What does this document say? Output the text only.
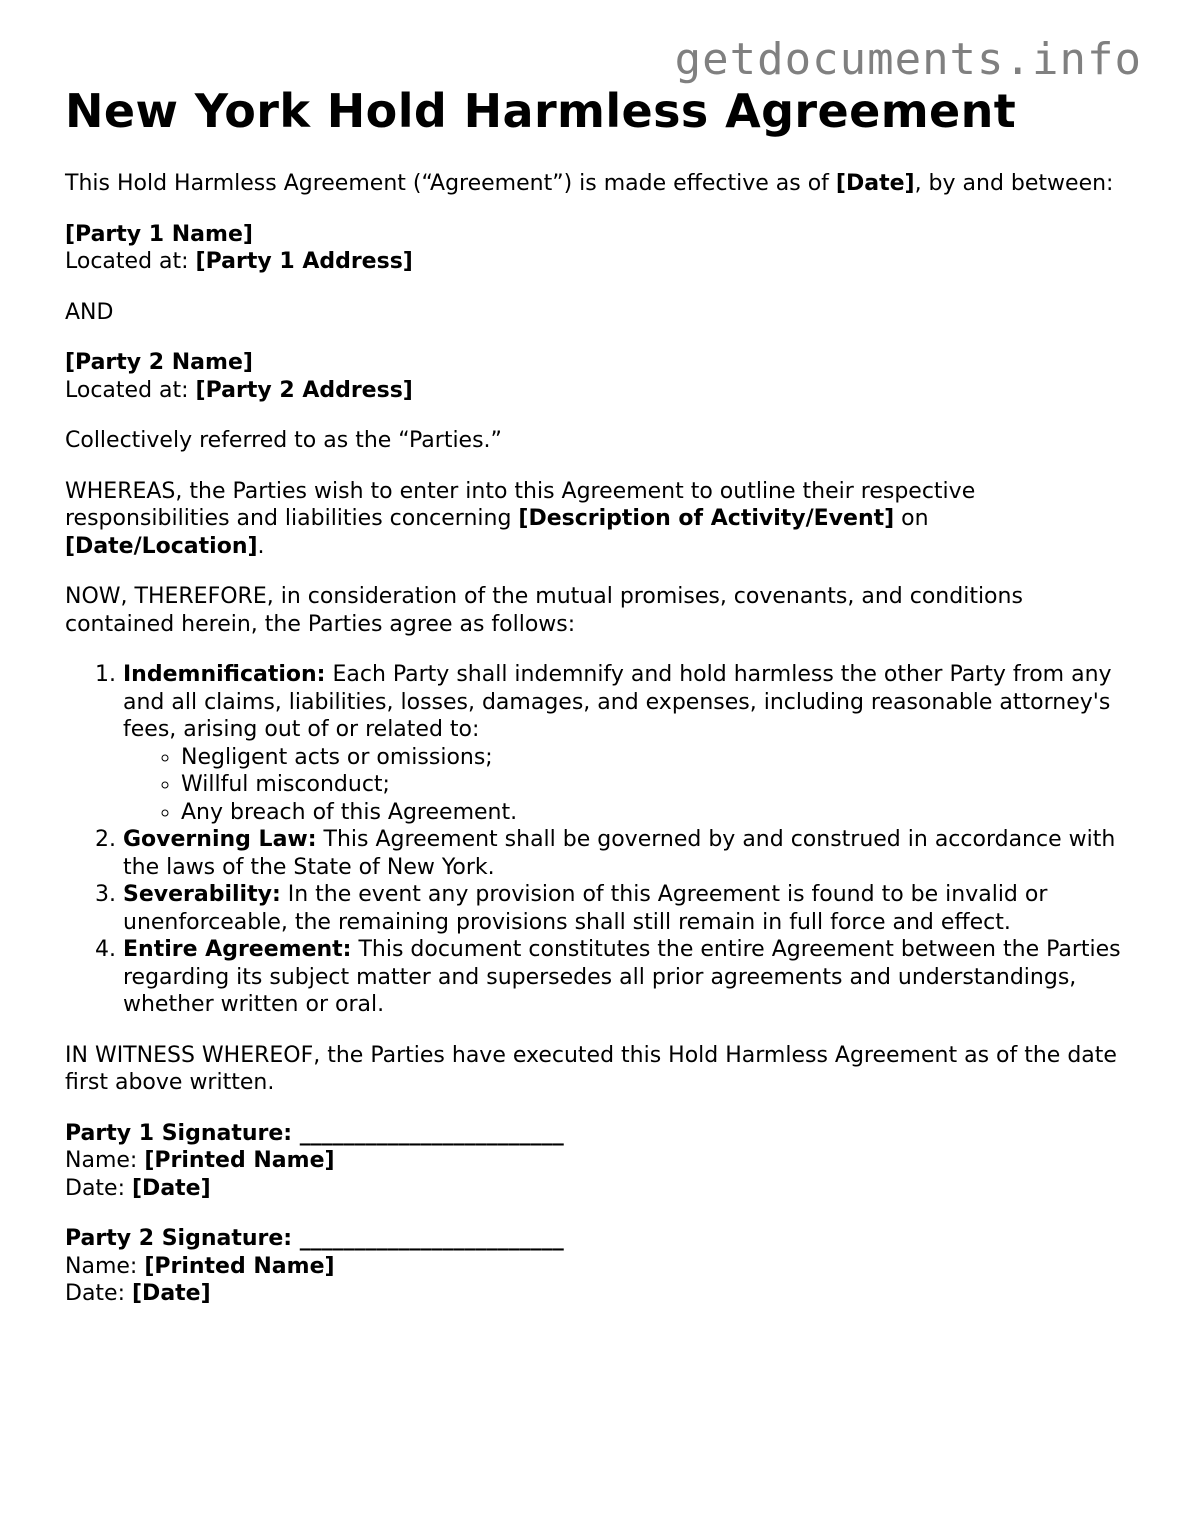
getdocuments.info
New York Hold Harmless Agreement

This Hold Harmless Agreement (“Agreement”) is made effective as of [Date], by and between:

[Party 1 Name]
Located at: [Party 1 Address]

AND

[Party 2 Name]
Located at: [Party 2 Address]

Collectively referred to as the “Parties.”

WHEREAS, the Parties wish to enter into this Agreement to outline their respective responsibilities and liabilities concerning [Description of Activity/Event] on [Date/Location].

NOW, THEREFORE, in consideration of the mutual promises, covenants, and conditions contained herein, the Parties agree as follows:

1. Indemnification: Each Party shall indemnify and hold harmless the other Party from any and all claims, liabilities, losses, damages, and expenses, including reasonable attorney's fees, arising out of or related to:
◦ Negligent acts or omissions;
◦ Willful misconduct;
◦ Any breach of this Agreement.
2. Governing Law: This Agreement shall be governed by and construed in accordance with the laws of the State of New York.
3. Severability: In the event any provision of this Agreement is found to be invalid or unenforceable, the remaining provisions shall still remain in full force and effect.
4. Entire Agreement: This document constitutes the entire Agreement between the Parties regarding its subject matter and supersedes all prior agreements and understandings, whether written or oral.

IN WITNESS WHEREOF, the Parties have executed this Hold Harmless Agreement as of the date first above written.

Party 1 Signature: ________________________
Name: [Printed Name]
Date: [Date]
Party 2 Signature: ________________________
Name: [Printed Name]
Date: [Date]
